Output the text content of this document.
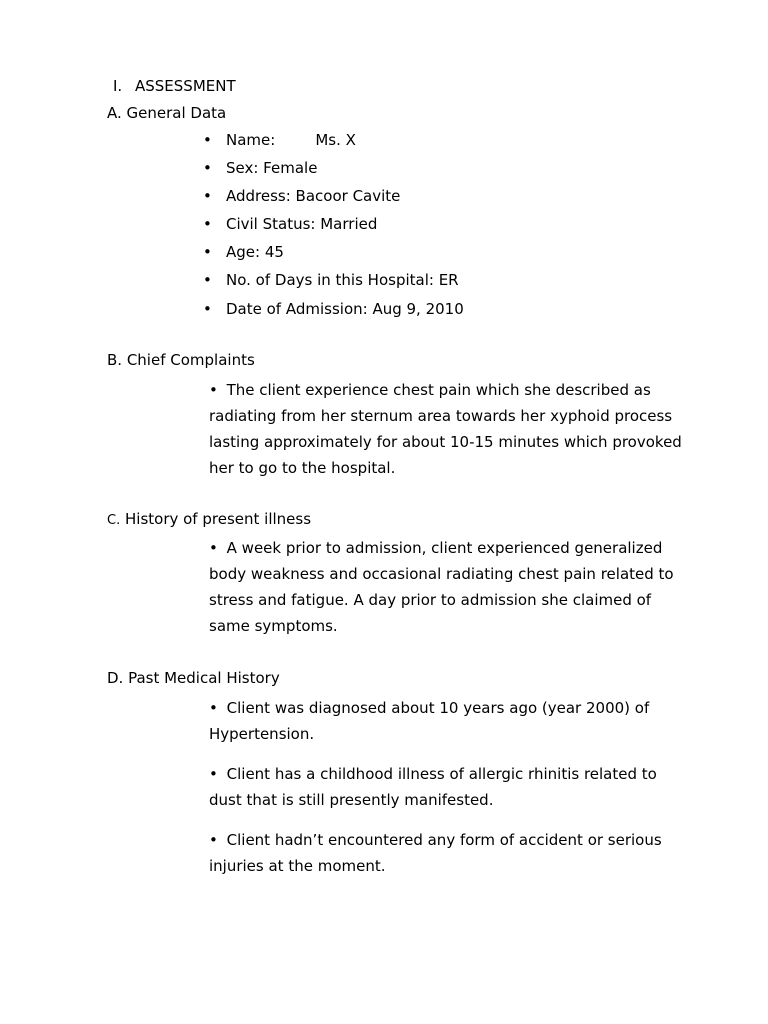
I. ASSESSMENT
A. General Data
• Name:	Ms. X
• Sex: Female
• Address: Bacoor Cavite
• Civil Status: Married
• Age: 45
• No. of Days in this Hospital: ER
• Date of Admission: Aug 9, 2010
B. Chief Complaints

• The client experience chest pain which she described as radiating from her sternum area towards her xyphoid process lasting approximately for about 10-15 minutes which provoked her to go to the hospital.

C. History of present illness

• A week prior to admission, client experienced generalized body weakness and occasional radiating chest pain related to stress and fatigue. A day prior to admission she claimed of same symptoms.

D. Past Medical History

• Client was diagnosed about 10 years ago (year 2000) of Hypertension.

• Client has a childhood illness of allergic rhinitis related to dust that is still presently manifested.

• Client hadn’t encountered any form of accident or serious injuries at the moment.
